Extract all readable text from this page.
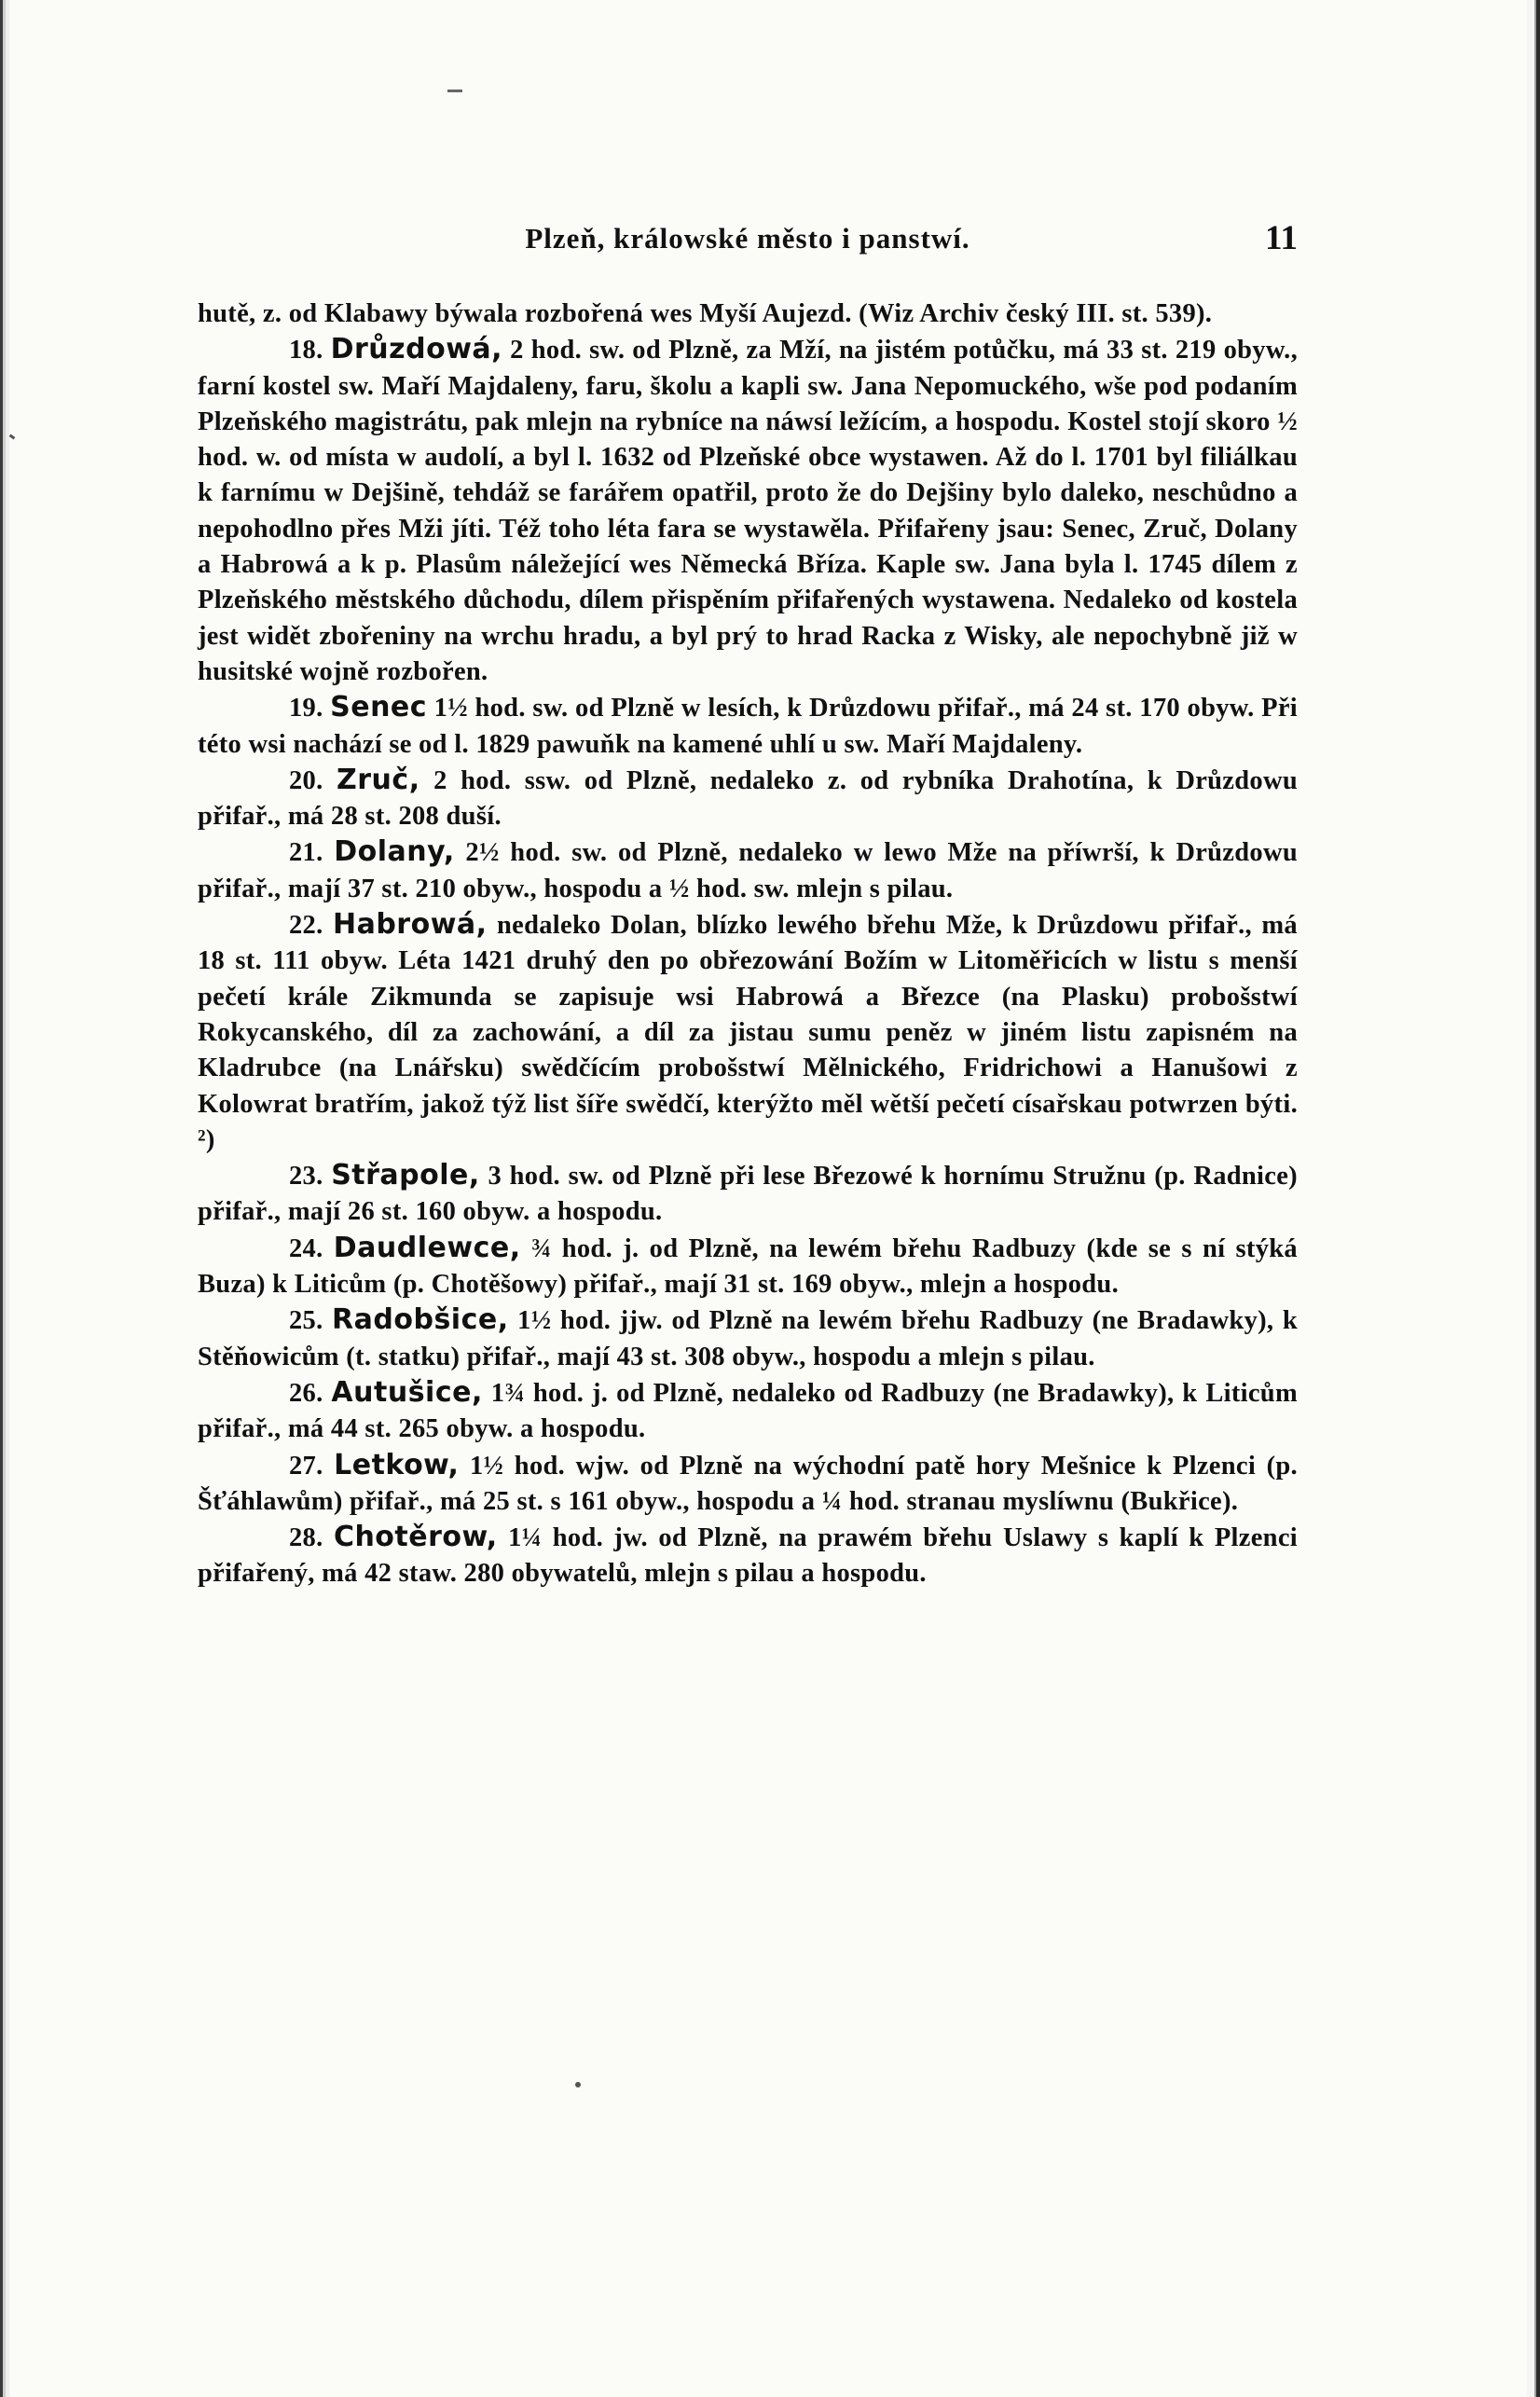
Plzeň, králowské město i panstwí.	11

hutě, z. od Klabawy býwala rozbořená wes Myší Aujezd. (Wiz Archiv český III. st. 539).

18. Drůzdowá, 2 hod. sw. od Plzně, za Mží, na jistém potůčku, má 33 st. 219 obyw., farní kostel sw. Maří Majdaleny, faru, školu a kapli sw. Jana Nepomuckého, wše pod podaním Plzeňského magistrátu, pak mlejn na rybníce na náwsí ležícím, a hospodu. Kostel stojí skoro ½ hod. w. od místa w audolí, a byl l. 1632 od Plzeňské obce wystawen. Až do l. 1701 byl filiálkau k farnímu w Dejšině, tehdáž se farářem opatřil, proto že do Dejšiny bylo daleko, neschůdno a nepohodlno přes Mži jíti. Též toho léta fara se wystawěla. Přifařeny jsau: Senec, Zruč, Dolany a Habrowá a k p. Plasům náležející wes Německá Bříza. Kaple sw. Jana byla l. 1745 dílem z Plzeňského městského důchodu, dílem přispěním přifařených wystawena. Nedaleko od kostela jest widět zbořeniny na wrchu hradu, a byl prý to hrad Racka z Wisky, ale nepochybně již w husitské wojně rozbořen.

19. Senec 1½ hod. sw. od Plzně w lesích, k Drůzdowu přifař., má 24 st. 170 obyw. Při této wsi nachází se od l. 1829 pawuňk na kamené uhlí u sw. Maří Majdaleny.

20. Zruč, 2 hod. ssw. od Plzně, nedaleko z. od rybníka Drahotína, k Drůzdowu přifař., má 28 st. 208 duší.

21. Dolany, 2½ hod. sw. od Plzně, nedaleko w lewo Mže na příwrší, k Drůzdowu přifař., mají 37 st. 210 obyw., hospodu a ½ hod. sw. mlejn s pilau.

22. Habrowá, nedaleko Dolan, blízko lewého břehu Mže, k Drůzdowu přifař., má 18 st. 111 obyw. Léta 1421 druhý den po obřezowání Božím w Litoměřicích w listu s menší pečetí krále Zikmunda se zapisuje wsi Habrowá a Březce (na Plasku) probošstwí Rokycanského, díl za zachowání, a díl za jistau sumu peněz w jiném listu zapisném na Kladrubce (na Lnářsku) swědčícím probošstwí Mělnického, Fridrichowi a Hanušowi z Kolowrat bratřím, jakož týž list šíře swědčí, kterýžto měl wětší pečetí císařskau potwrzen býti. ²)

23. Střapole, 3 hod. sw. od Plzně při lese Březowé k hornímu Stružnu (p. Radnice) přifař., mají 26 st. 160 obyw. a hospodu.

24. Daudlewce, ¾ hod. j. od Plzně, na lewém břehu Radbuzy (kde se s ní stýká Buza) k Liticům (p. Chotěšowy) přifař., mají 31 st. 169 obyw., mlejn a hospodu.

25. Radobšice, 1½ hod. jjw. od Plzně na lewém břehu Radbuzy (ne Bradawky), k Stěňowicům (t. statku) přifař., mají 43 st. 308 obyw., hospodu a mlejn s pilau.

26. Autušice, 1¾ hod. j. od Plzně, nedaleko od Radbuzy (ne Bradawky), k Liticům přifař., má 44 st. 265 obyw. a hospodu.

27. Letkow, 1½ hod. wjw. od Plzně na wýchodní patě hory Mešnice k Plzenci (p. Šťáhlawům) přifař., má 25 st. s 161 obyw., hospodu a ¼ hod. stranau myslíwnu (Bukřice).

28. Chotěrow, 1¼ hod. jw. od Plzně, na prawém břehu Uslawy s kaplí k Plzenci přifařený, má 42 staw. 280 obywatelů, mlejn s pilau a hospodu.
